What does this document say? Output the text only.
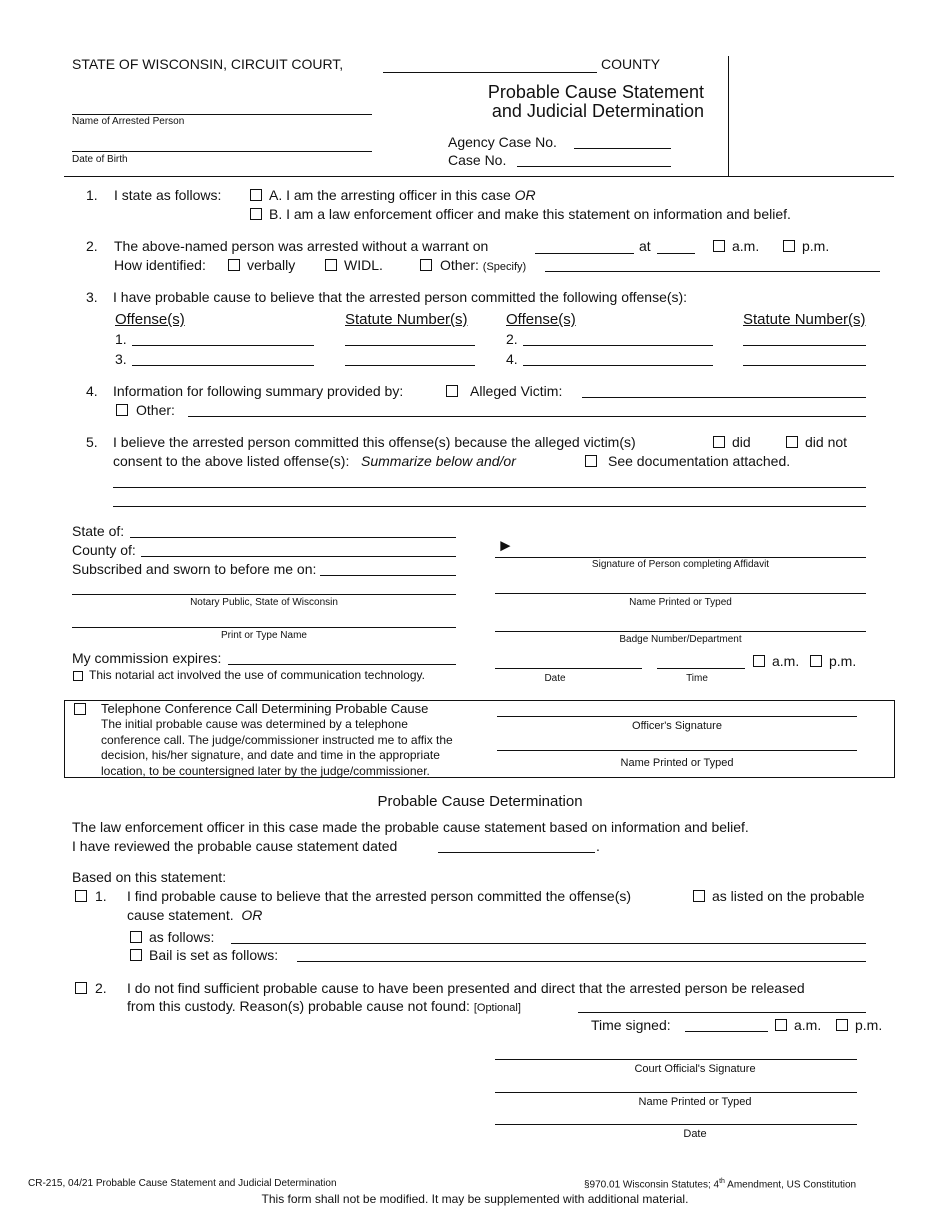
STATE OF WISCONSIN, CIRCUIT COURT,	COUNTY
Probable Cause Statement
and Judicial Determination
Name of Arrested Person
Date of Birth
Agency Case No.
Case No.
1. I state as follows:	A. I am the arresting officer in this case OR
B. I am a law enforcement officer and make this statement on information and belief.
2. The above-named person was arrested without a warrant on	at	a.m.	p.m.
How identified:	verbally	WIDL.	Other: (Specify)
3. I have probable cause to believe that the arrested person committed the following offense(s):
Offense(s)	Statute Number(s)	Offense(s)	Statute Number(s)
1.	2.
3.	4.
4. Information for following summary provided by:	Alleged Victim:
Other:
5. I believe the arrested person committed this offense(s) because the alleged victim(s)	did	did not
consent to the above listed offense(s): Summarize below and/or	See documentation attached.
State of:
County of:
Subscribed and sworn to before me on:
Notary Public, State of Wisconsin
Print or Type Name
My commission expires:
This notarial act involved the use of communication technology.
►
Signature of Person completing Affidavit
Name Printed or Typed
Badge Number/Department
Date	Time
a.m. p.m.
Telephone Conference Call Determining Probable Cause
The initial probable cause was determined by a telephone
conference call. The judge/commissioner instructed me to affix the
decision, his/her signature, and date and time in the appropriate
location, to be countersigned later by the judge/commissioner.
Officer's Signature
Name Printed or Typed
Probable Cause Determination
The law enforcement officer in this case made the probable cause statement based on information and belief.
I have reviewed the probable cause statement dated	.
Based on this statement:
1. I find probable cause to believe that the arrested person committed the offense(s)	as listed on the probable
cause statement. OR
as follows:
Bail is set as follows:
2. I do not find sufficient probable cause to have been presented and direct that the arrested person be released
from this custody. Reason(s) probable cause not found: [Optional]
Time signed:	a.m. p.m.
Court Official's Signature
Name Printed or Typed
Date
CR-215, 04/21 Probable Cause Statement and Judicial Determination	§970.01 Wisconsin Statutes; 4th Amendment, US Constitution
This form shall not be modified. It may be supplemented with additional material.
